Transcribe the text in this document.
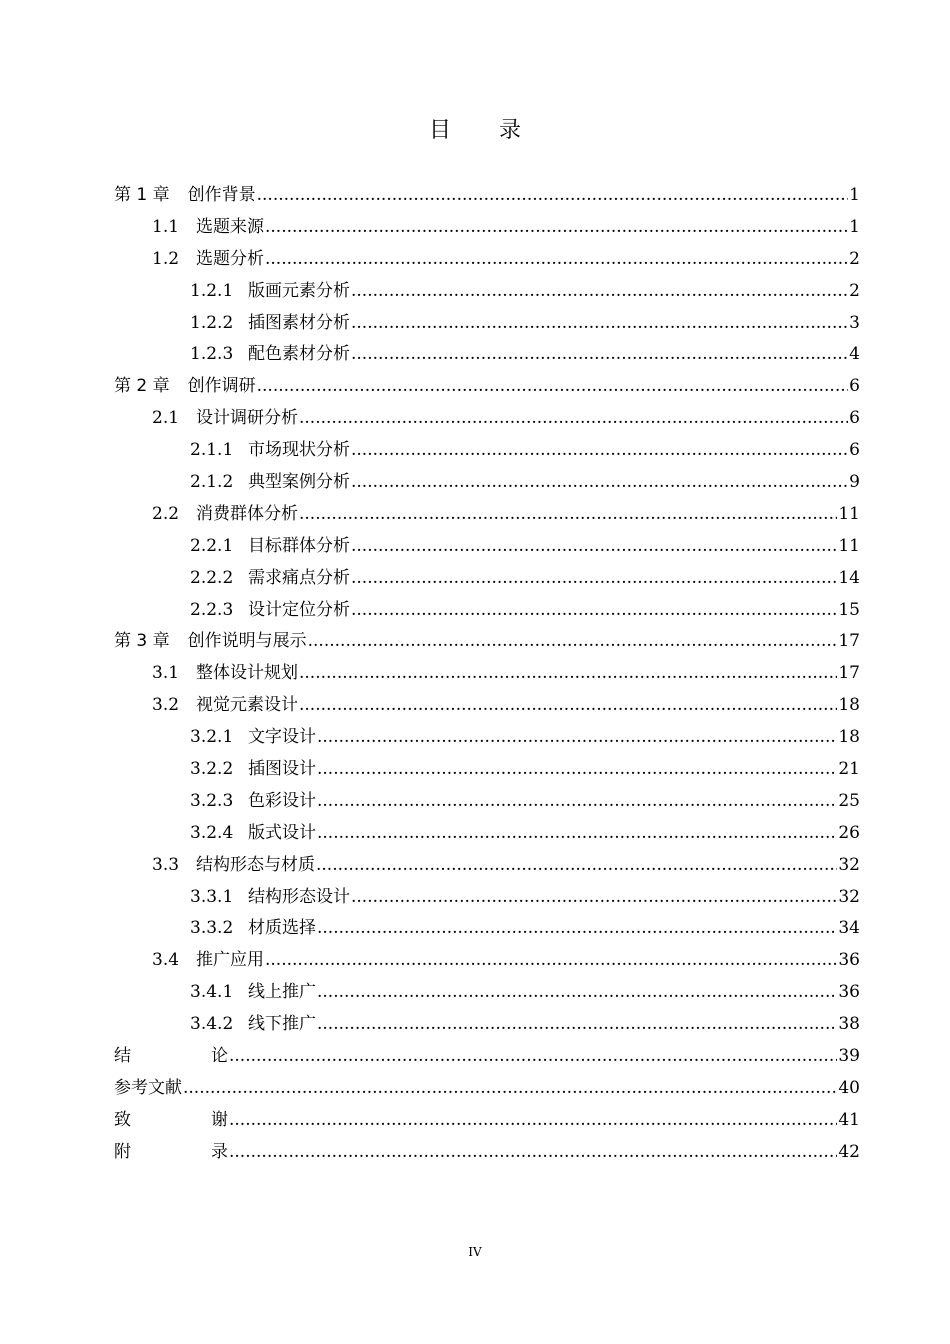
目录
第 1 章 创作背景 .....	1
1.1 选题来源 .....	1
1.2 选题分析 .....	2
1.2.1 版画元素分析 .....	2
1.2.2 插图素材分析 .....	3
1.2.3 配色素材分析 .....	4
第 2 章 创作调研 .....	6
2.1 设计调研分析 .....	6
2.1.1 市场现状分析 .....	6
2.1.2 典型案例分析 .....	9
2.2 消费群体分析 .....	11
2.2.1 目标群体分析 .....	11
2.2.2 需求痛点分析 .....	14
2.2.3 设计定位分析 .....	15
第 3 章 创作说明与展示 .....	17
3.1 整体设计规划 .....	17
3.2 视觉元素设计 .....	18
3.2.1 文字设计 .....	18
3.2.2 插图设计 .....	21
3.2.3 色彩设计 .....	25
3.2.4 版式设计 .....	26
3.3 结构形态与材质 .....	32
3.3.1 结构形态设计 .....	32
3.3.2 材质选择 .....	34
3.4 推广应用 .....	36
3.4.1 线上推广 .....	36
3.4.2 线下推广 .....	38
结论 .....	39
参考文献 .....	40
致谢 .....	41
附录 .....	42
IV
